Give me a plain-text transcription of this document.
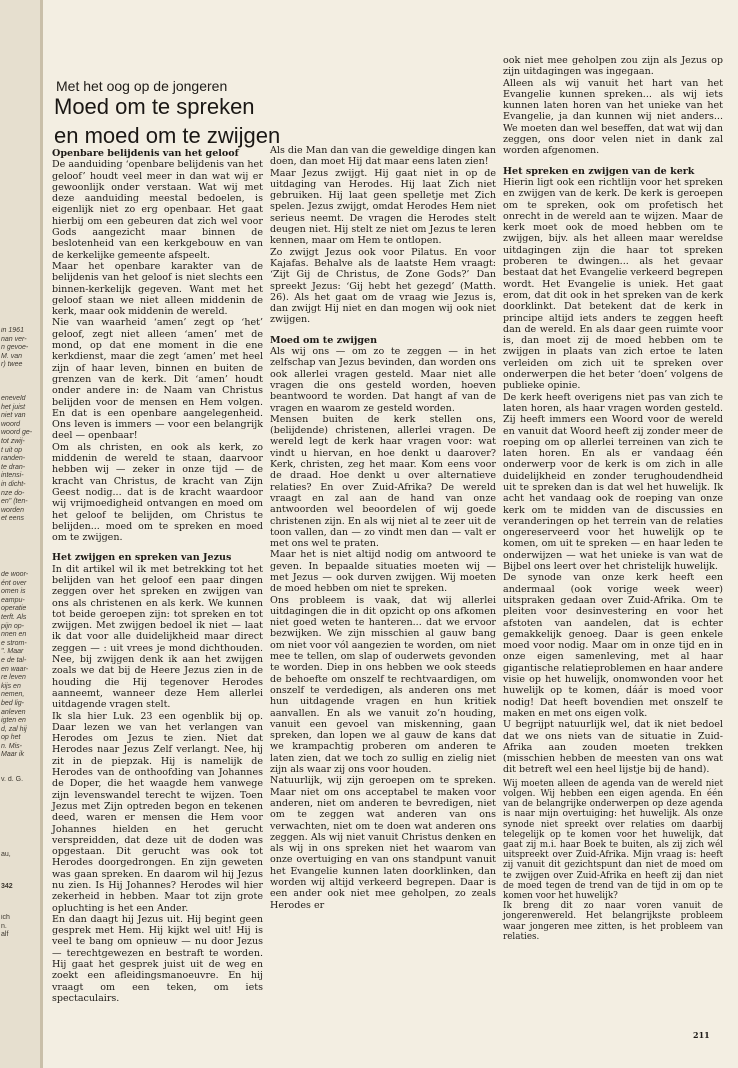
in 1961
nan ver-
n gevoe-
M. van
r) twee
eneveld
het juist
niet van
woord
woord ge-
tot zwij-
t uit op
randen-
te dran-
intensi-
in dicht-
nze do-
en" (ten-
worden
et eens
de woor-
ént over
omen is
eampu-
operatie
terft. Als
pijn op-
nnen en
e strom-
". Maar
e de tal-
en waar-
re leven
kijs en
nemen,
bed lig-
anleven
igten en
d, zal hij
op het
n. Mis-
Maar ik
v. d. G.
au,
342
ich
n.
alf
Met het oog op de jongeren
Moed om te spreken en moed om te zwijgen
Openbare belijdenis van het geloof

De aanduiding ‘openbare belijdenis van het geloof’ houdt veel meer in dan wat wij er gewoonlijk onder verstaan. Wat wij met deze aanduiding meestal bedoelen, is eigenlijk niet zo erg openbaar. Het gaat hierbij om een gebeuren dat zich wel voor Gods aangezicht maar binnen de beslotenheid van een kerkgebouw en van de kerkelijke gemeente afspeelt.

Maar het openbare karakter van de belijdenis van het geloof is niet slechts een binnen-kerkelijk gegeven. Want met het geloof staan we niet alleen middenin de kerk, maar ook middenin de wereld.

Nie van waarheid ‘amen’ zegt op ‘het’ geloof, zegt niet alleen ‘amen’ met de mond, op dat ene moment in die ene kerkdienst, maar die zegt ‘amen’ met heel zijn of haar leven, binnen en buiten de grenzen van de kerk. Dit ‘amen’ houdt onder andere in: de Naam van Christus belijden voor de mensen en Hem volgen. En dat is een openbare aangelegenheid. Ons leven is immers — voor een belangrijk deel — openbaar!

Om als christen, en ook als kerk, zo middenin de wereld te staan, daarvoor hebben wij — zeker in onze tijd — de kracht van Christus, de kracht van Zijn Geest nodig... dat is de kracht waardoor wij vrijmoedigheid ontvangen en moed om het geloof te belijden, om Christus te belijden... moed om te spreken en moed om te zwijgen.

Het zwijgen en spreken van Jezus

In dit artikel wil ik met betrekking tot het belijden van het geloof een paar dingen zeggen over het spreken en zwijgen van ons als christenen en als kerk. We kunnen tot beide geroepen zijn: tot spreken en tot zwijgen. Met zwijgen bedoel ik niet — laat ik dat voor alle duidelijkheid maar direct zeggen — : uit vrees je mond dichthouden. Nee, bij zwijgen denk ik aan het zwijgen zoals we dat bij de Heere Jezus zien in de houding die Hij tegenover Herodes aanneemt, wanneer deze Hem allerlei uitdagende vragen stelt.

Ik sla hier Luk. 23 een ogenblik bij op. Daar lezen we van het verlangen van Herodes om Jezus te zien. Niet dat Herodes naar Jezus Zelf verlangt. Nee, hij zit in de piepzak. Hij is namelijk de Herodes van de onthoofding van Johannes de Doper, die het waagde hem vanwege zijn levenswandel terecht te wijzen. Toen Jezus met Zijn optreden begon en tekenen deed, waren er mensen die Hem voor Johannes hielden en het gerucht verspreidden, dat deze uit de doden was opgestaan. Dit gerucht was ook tot Herodes doorgedrongen. En zijn geweten was gaan spreken. En daarom wil hij Jezus nu zien. Is Hij Johannes? Herodes wil hier zekerheid in hebben. Maar tot zijn grote opluchting is het een Ander.

En dan daagt hij Jezus uit. Hij begint geen gesprek met Hem. Hij kijkt wel uit! Hij is veel te bang om opnieuw — nu door Jezus — terechtgewezen en bestraft te worden. Hij gaat het gesprek juist uit de weg en zoekt een afleidingsmanoeuvre. En hij vraagt om een teken, om iets spectaculairs.

Als die Man dan van die geweldige dingen kan doen, dan moet Hij dat maar eens laten zien!

Maar Jezus zwijgt. Hij gaat niet in op de uitdaging van Herodes. Hij laat Zich niet gebruiken. Hij laat geen spelletje met Zich spelen. Jezus zwijgt, omdat Herodes Hem niet serieus neemt. De vragen die Herodes stelt deugen niet. Hij stelt ze niet om Jezus te leren kennen, maar om Hem te ontlopen.

Zo zwijgt Jezus ook voor Pilatus. En voor Kajafas. Behalve als de laatste Hem vraagt: ‘Zijt Gij de Christus, de Zone Gods?’ Dan spreekt Jezus: ‘Gij hebt het gezegd’ (Matth. 26). Als het gaat om de vraag wie Jezus is, dan zwijgt Hij niet en dan mogen wij ook niet zwijgen.

Moed om te zwijgen

Als wij ons — om zo te zeggen — in het zelfschap van Jezus bevinden, dan worden ons ook allerlei vragen gesteld. Maar niet alle vragen die ons gesteld worden, hoeven beantwoord te worden. Dat hangt af van de vragen en waarom ze gesteld worden.

Mensen buiten de kerk stellen ons, (belijdende) christenen, allerlei vragen. De wereld legt de kerk haar vragen voor: wat vindt u hiervan, en hoe denkt u daarover? Kerk, christen, zeg het maar. Kom eens voor de draad. Hoe denkt u over alternatieve relaties? En over Zuid-Afrika? De wereld vraagt en zal aan de hand van onze antwoorden wel beoordelen of wij goede christenen zijn. En als wij niet al te zeer uit de toon vallen, dan — zo vindt men dan — valt er met ons wel te praten.

Maar het is niet altijd nodig om antwoord te geven. In bepaalde situaties moeten wij — met Jezus — ook durven zwijgen. Wij moeten de moed hebben om niet te spreken.

Ons probleem is vaak, dat wij allerlei uitdagingen die in dit opzicht op ons afkomen niet goed weten te hanteren... dat we ervoor bezwijken. We zijn misschien al gauw bang om niet voor vól aangezien te worden, om niet mee te tellen, om slap of ouderwets gevonden te worden. Diep in ons hebben we ook steeds de behoefte om onszelf te rechtvaardigen, om onszelf te verdedigen, als anderen ons met hun uitdagende vragen en hun kritiek aanvallen. En als we vanuit zo’n houding, vanuit een gevoel van miskenning, gaan spreken, dan lopen we al gauw de kans dat we krampachtig proberen om anderen te laten zien, dat we toch zo sullig en zielig niet zijn als waar zij ons voor houden.

Natuurlijk, wij zijn geroepen om te spreken. Maar niet om ons acceptabel te maken voor anderen, niet om anderen te bevredigen, niet om te zeggen wat anderen van ons verwachten, niet om te doen wat anderen ons zeggen. Als wij niet vanuit Christus denken en als wij in ons spreken niet het waarom van onze overtuiging en van ons standpunt vanuit het Evangelie kunnen laten doorklinken, dan worden wij altijd verkeerd begrepen. Daar is een ander ook niet mee geholpen, zo zeals Herodes er

ook niet mee geholpen zou zijn als Jezus op zijn uitdagingen was ingegaan.

Alleen als wij vanuit het hart van het Evangelie kunnen spreken... als wij iets kunnen laten horen van het unieke van het Evangelie, ja dan kunnen wij niet anders... We moeten dan wel beseffen, dat wat wij dan zeggen, ons door velen niet in dank zal worden afgenomen.

Het spreken en zwijgen van de kerk

Hierin ligt ook een richtlijn voor het spreken en zwijgen van de kerk. De kerk is geroepen om te spreken, ook om profetisch het onrecht in de wereld aan te wijzen. Maar de kerk moet ook de moed hebben om te zwijgen, bijv. als het alleen maar wereldse uitdagingen zijn die haar tot spreken proberen te dwingen... als het gevaar bestaat dat het Evangelie verkeerd begrepen wordt. Het Evangelie is uniek. Het gaat erom, dat dit ook in het spreken van de kerk doorklinkt. Dat betekent dat de kerk in principe altijd iets anders te zeggen heeft dan de wereld. En als daar geen ruimte voor is, dan moet zij de moed hebben om te zwijgen in plaats van zich ertoe te laten verleiden om zich uit te spreken over onderwerpen die het beter ‘doen’ volgens de publieke opinie.

De kerk heeft overigens niet pas van zich te laten horen, als haar vragen worden gesteld. Zij heeft immers een Woord voor de wereld en vanuit dat Woord heeft zij zonder meer de roeping om op allerlei terreinen van zich te laten horen. En als er vandaag één onderwerp voor de kerk is om zich in alle duidelijkheid en zonder terughoudendheid uit te spreken dan is dat wel het huwelijk. Ik acht het vandaag ook de roeping van onze kerk om te midden van de discussies en veranderingen op het terrein van de relaties ongereserveerd voor het huwelijk op te komen, om uit te spreken — en haar leden te onderwijzen — wat het unieke is van wat de Bijbel ons leert over het christelijk huwelijk.

De synode van onze kerk heeft een andermaal (ook vorige week weer) uitspraken gedaan over Zuid-Afrika. Om te pleiten voor desinvestering en voor het afstoten van aandelen, dat is echter gemakkelijk genoeg. Daar is geen enkele moed voor nodig. Maar om in onze tijd en in onze eigen samenleving, met al haar gigantische relatieproblemen en haar andere visie op het huwelijk, onomwonden voor het huwelijk op te komen, dáár is moed voor nodig! Dat heeft bovendien met onszelf te maken en met ons eigen volk.

U begrijpt natuurlijk wel, dat ik niet bedoel dat we ons niets van de situatie in Zuid-Afrika aan zouden moeten trekken (misschien hebben de meesten van ons wat dit betreft wel een heel lijstje bij de hand).

Wij moeten alleen de agenda van de wereld niet volgen. Wij hebben een eigen agenda. En één van de belangrijke onderwerpen op deze agenda is naar mijn overtuiging: het huwelijk. Als onze synode niet spreekt over relaties om daarbij telegelijk op te komen voor het huwelijk, dat gaat zij m.i. haar Boek te buiten, als zij zich wél uitspreekt over Zuid-Afrika. Mijn vraag is: heeft zij vanuit dit gezichtspunt dan niet de moed om te zwijgen over Zuid-Afrika en heeft zij dan niet de moed tegen de trend van de tijd in om op te komen voor het huwelijk?

Ik breng dit zo naar voren vanuit de jongerenwereld. Het belangrijkste probleem waar jongeren mee zitten, is het probleem van relaties.

211
